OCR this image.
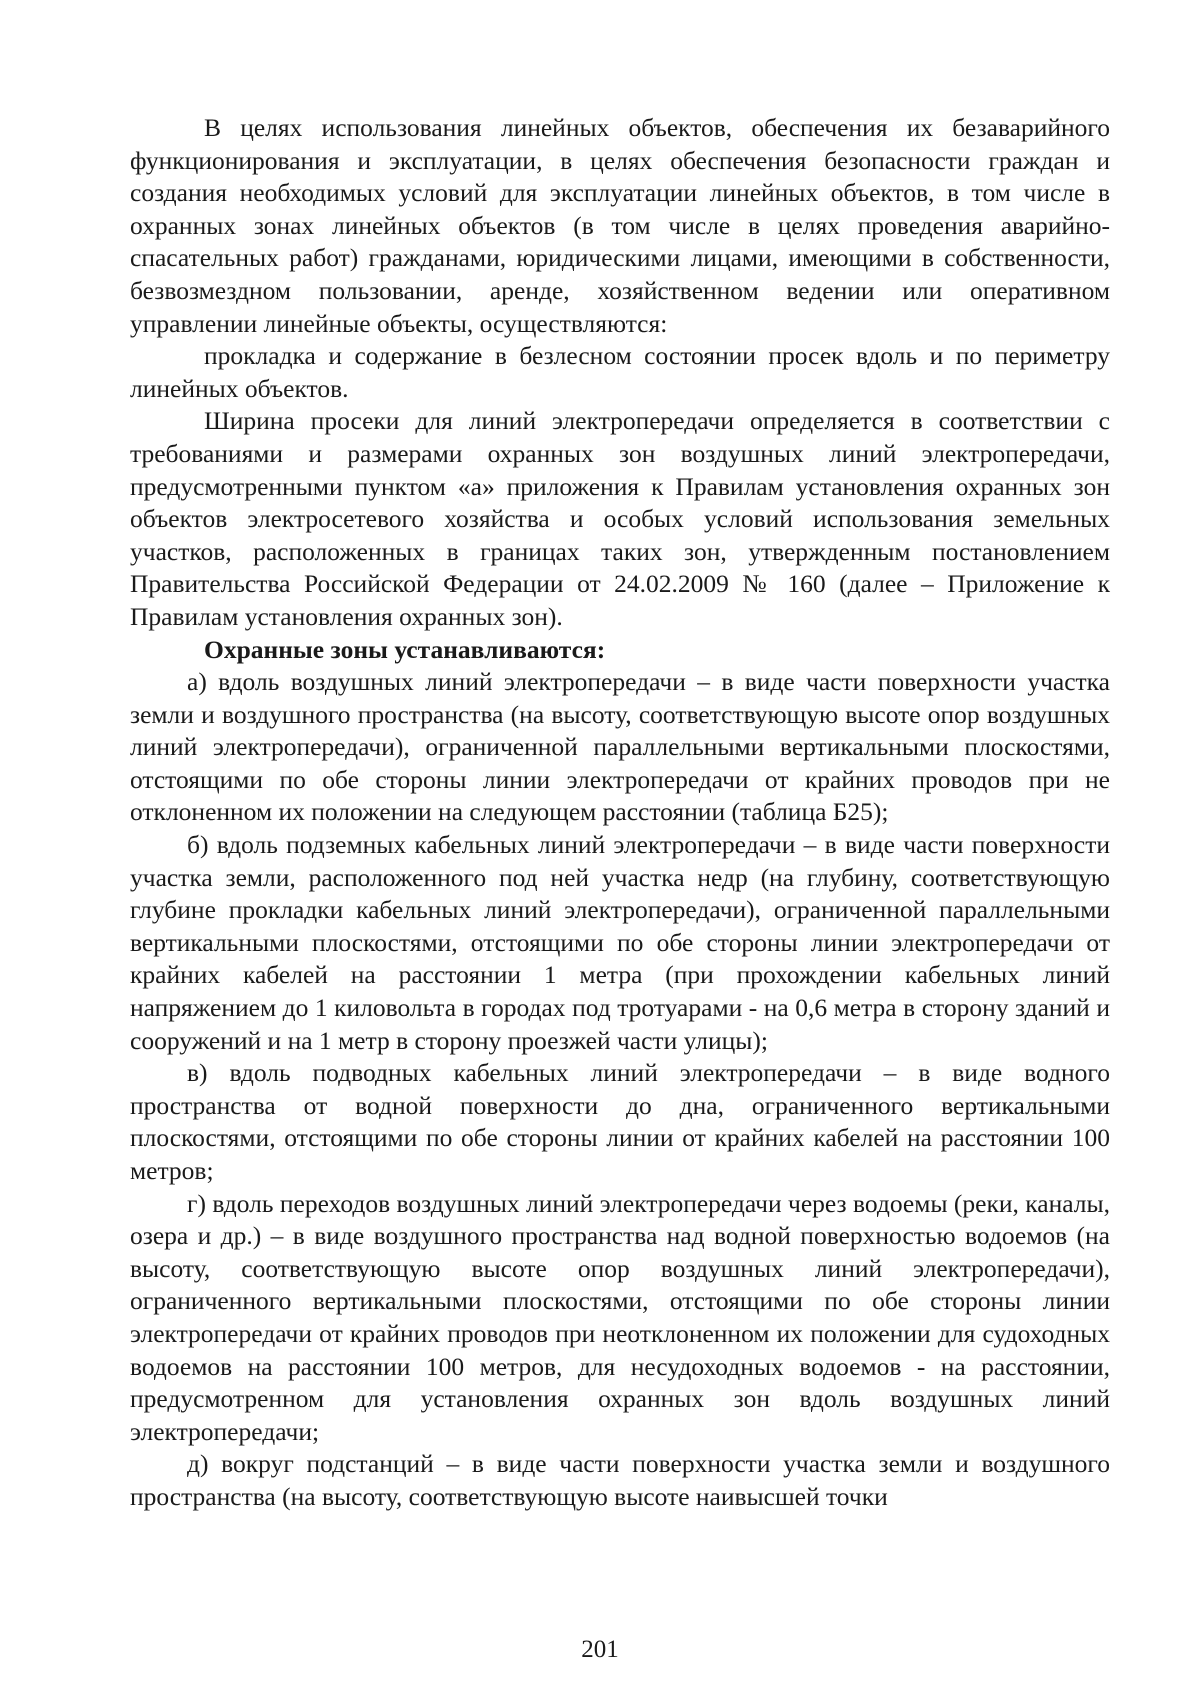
В целях использования линейных объектов, обеспечения их безаварийного функционирования и эксплуатации, в целях обеспечения безопасности граждан и создания необходимых условий для эксплуатации линейных объектов, в том числе в охранных зонах линейных объектов (в том числе в целях проведения аварийно-спасательных работ) гражданами, юридическими лицами, имеющими в собственности, безвозмездном пользовании, аренде, хозяйственном ведении или оперативном управлении линейные объекты, осуществляются:

прокладка и содержание в безлесном состоянии просек вдоль и по периметру линейных объектов.

Ширина просеки для линий электропередачи определяется в соответствии с требованиями и размерами охранных зон воздушных линий электропередачи, предусмотренными пунктом «а» приложения к Правилам установления охранных зон объектов электросетевого хозяйства и особых условий использования земельных участков, расположенных в границах таких зон, утвержденным постановлением Правительства Российской Федерации от 24.02.2009 № 160 (далее – Приложение к Правилам установления охранных зон).

Охранные зоны устанавливаются:

а) вдоль воздушных линий электропередачи – в виде части поверхности участка земли и воздушного пространства (на высоту, соответствующую высоте опор воздушных линий электропередачи), ограниченной параллельными вертикальными плоскостями, отстоящими по обе стороны линии электропередачи от крайних проводов при не отклоненном их положении на следующем расстоянии (таблица Б25);

б) вдоль подземных кабельных линий электропередачи – в виде части поверхности участка земли, расположенного под ней участка недр (на глубину, соответствующую глубине прокладки кабельных линий электропередачи), ограниченной параллельными вертикальными плоскостями, отстоящими по обе стороны линии электропередачи от крайних кабелей на расстоянии 1 метра (при прохождении кабельных линий напряжением до 1 киловольта в городах под тротуарами - на 0,6 метра в сторону зданий и сооружений и на 1 метр в сторону проезжей части улицы);

в) вдоль подводных кабельных линий электропередачи – в виде водного пространства от водной поверхности до дна, ограниченного вертикальными плоскостями, отстоящими по обе стороны линии от крайних кабелей на расстоянии 100 метров;

г) вдоль переходов воздушных линий электропередачи через водоемы (реки, каналы, озера и др.) – в виде воздушного пространства над водной поверхностью водоемов (на высоту, соответствующую высоте опор воздушных линий электропередачи), ограниченного вертикальными плоскостями, отстоящими по обе стороны линии электропередачи от крайних проводов при неотклоненном их положении для судоходных водоемов на расстоянии 100 метров, для несудоходных водоемов - на расстоянии, предусмотренном для установления охранных зон вдоль воздушных линий электропередачи;

д) вокруг подстанций – в виде части поверхности участка земли и воздушного пространства (на высоту, соответствующую высоте наивысшей точки

201
